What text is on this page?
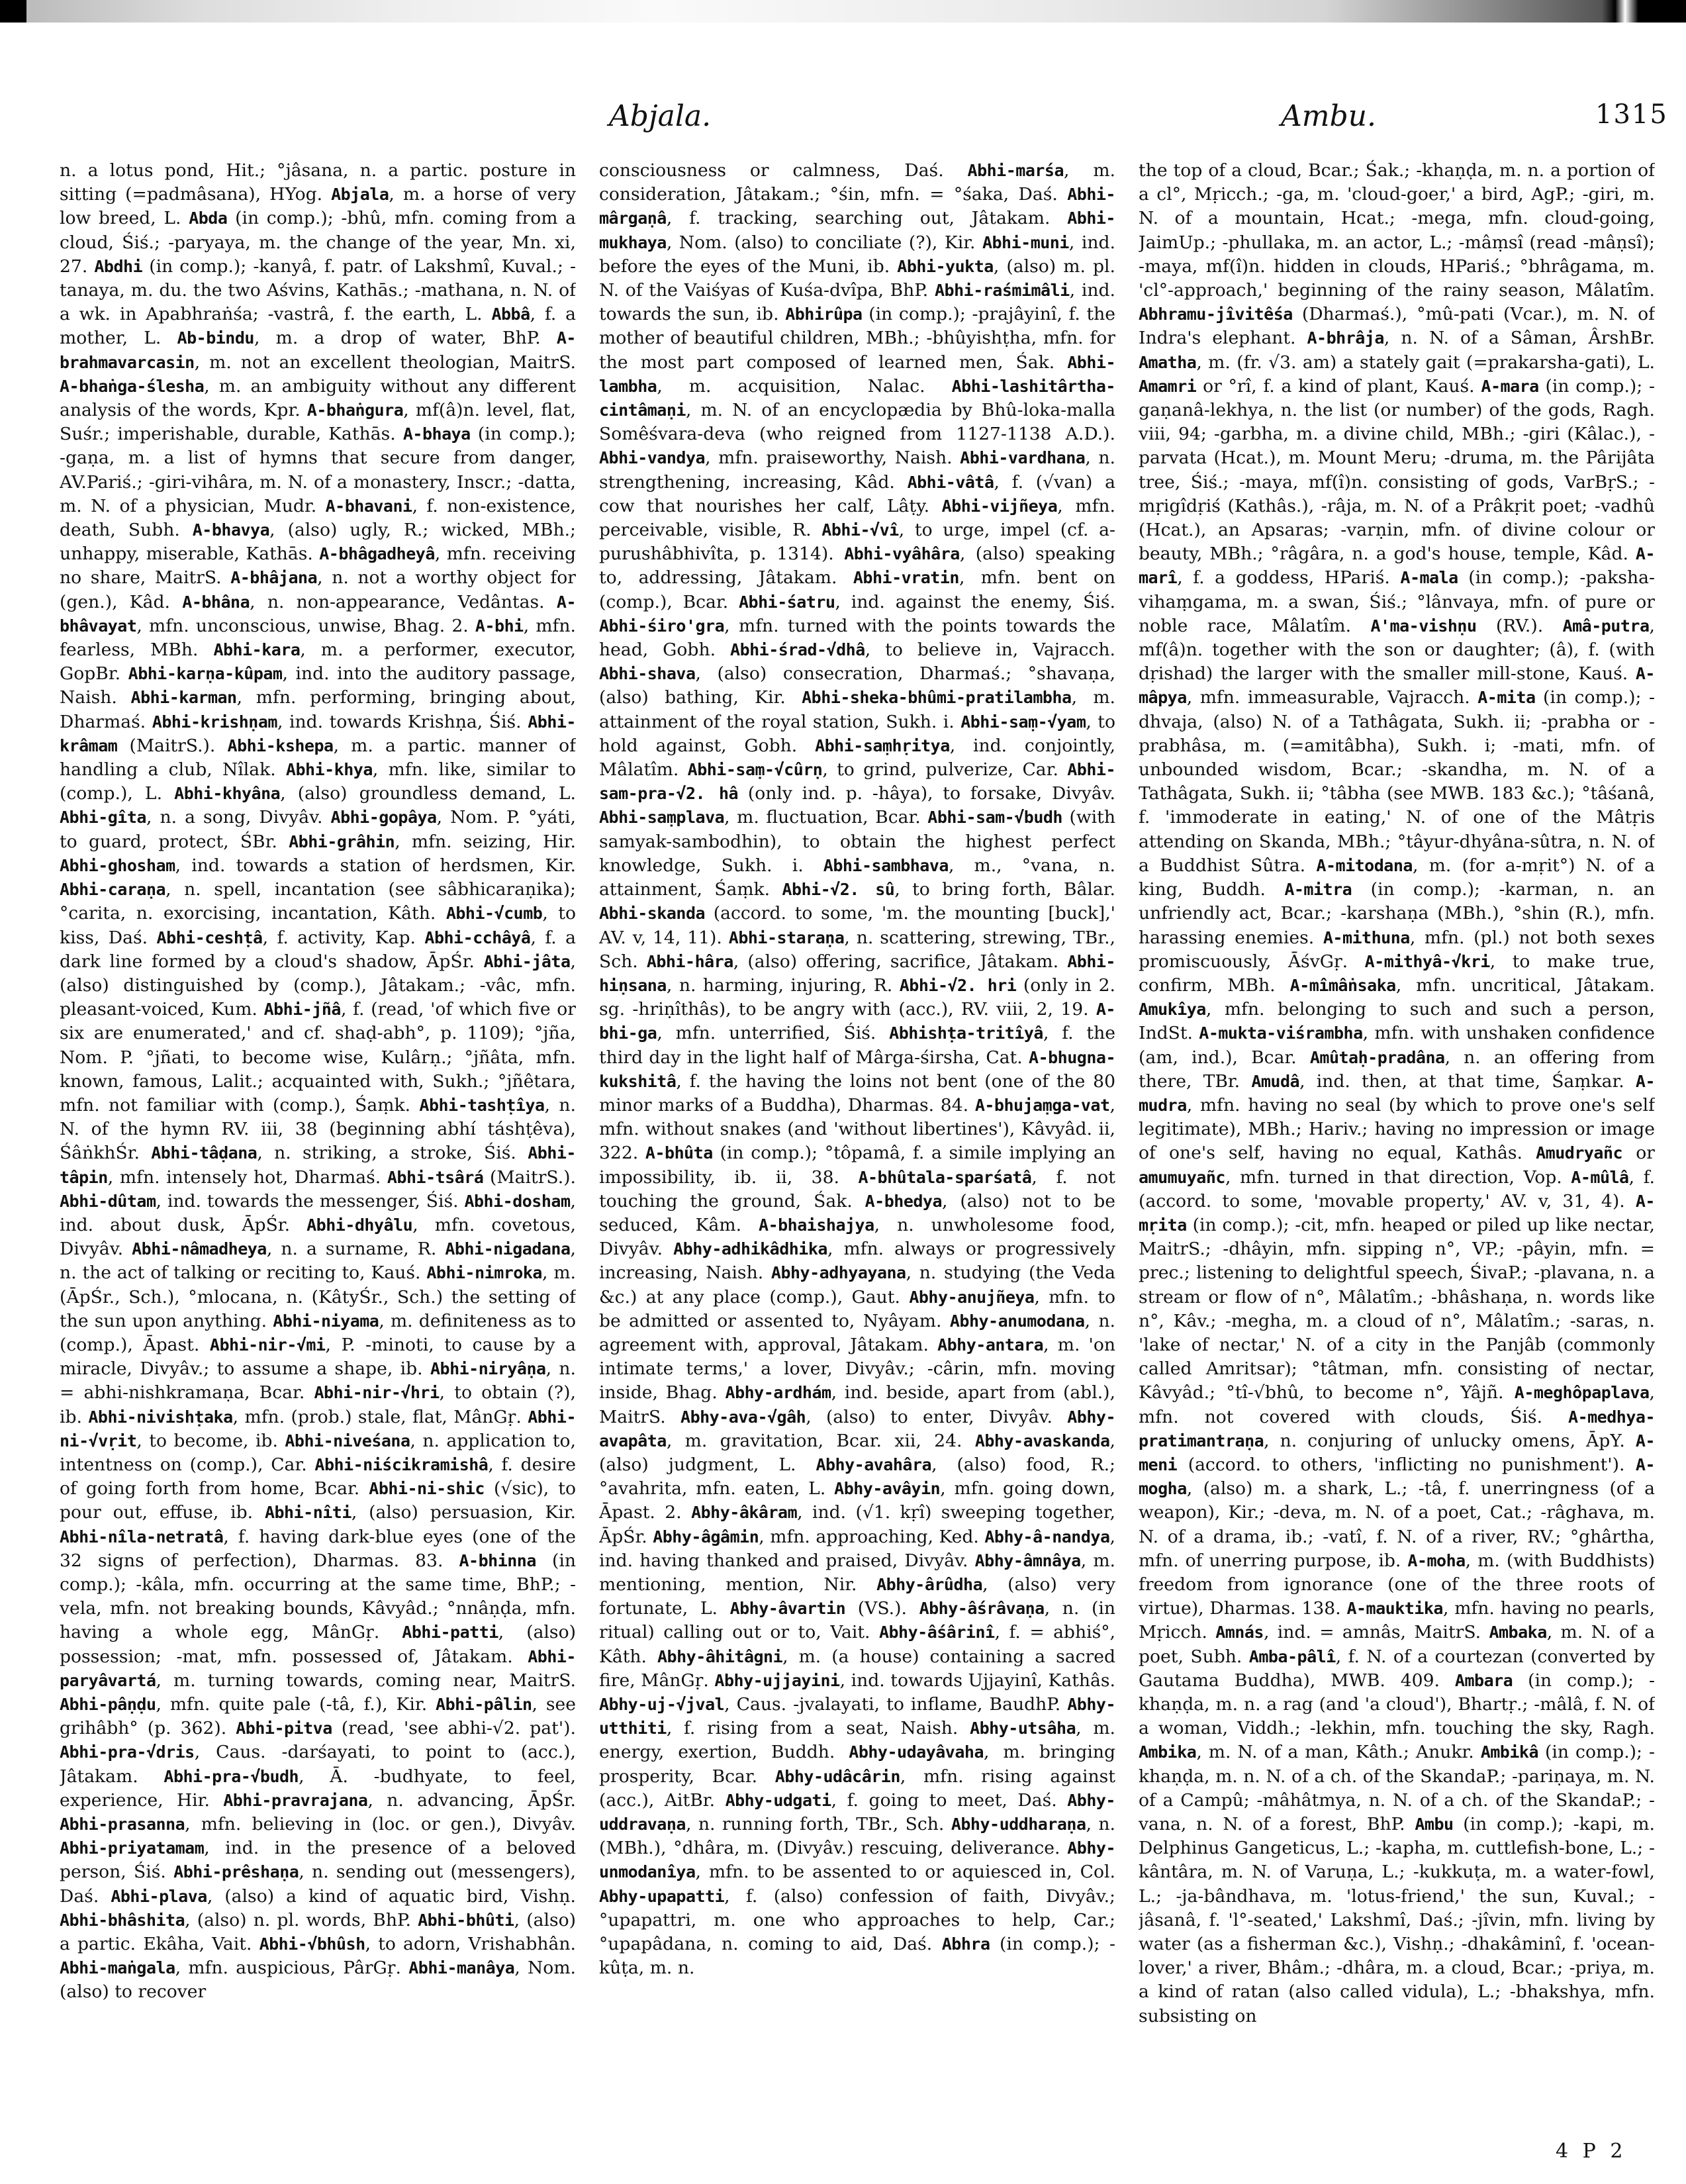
Abjala.	Ambu.	1315
n. a lotus pond, Hit.; °jâsana, n. a partic. posture in sitting (=padmâsana), HYog. Abjala, m. a horse of very low breed, L. Abda (in comp.); -bhû, mfn. coming from a cloud, Śiś.; -paryaya, m. the change of the year, Mn. xi, 27. Abdhi (in comp.); -kanyâ, f. patr. of Lakshmî, Kuval.; -tanaya, m. du. the two Aśvins, Kathās.; -mathana, n. N. of a wk. in Apabhraṅśa; -vastrâ, f. the earth, L. Abbâ, f. a mother, L. Ab-bindu, m. a drop of water, BhP. A-brahmavarcasin, m. not an excellent theologian, MaitrS. A-bhaṅga-ślesha, m. an ambiguity without any different analysis of the words, Kpr. A-bhaṅgura, mf(â)n. level, flat, Suśr.; imperishable, durable, Kathās. A-bhaya (in comp.); -gaṇa, m. a list of hymns that secure from danger, AV.Pariś.; -giri-vihâra, m. N. of a monastery, Inscr.; -datta, m. N. of a physician, Mudr. A-bhavani, f. non-existence, death, Subh. A-bhavya, (also) ugly, R.; wicked, MBh.; unhappy, miserable, Kathās. A-bhâgadheyâ, mfn. receiving no share, MaitrS. A-bhâjana, n. not a worthy object for (gen.), Kâd. A-bhâna, n. non-appearance, Vedântas. A-bhâvayat, mfn. unconscious, unwise, Bhag. 2. A-bhi, mfn. fearless, MBh. Abhi-kara, m. a performer, executor, GopBr. Abhi-karṇa-kûpam, ind. into the auditory passage, Naish. Abhi-karman, mfn. performing, bringing about, Dharmaś. Abhi-krishṇam, ind. towards Krishṇa, Śiś. Abhi-krâmam (MaitrS.). Abhi-kshepa, m. a partic. manner of handling a club, Nîlak. Abhi-khya, mfn. like, similar to (comp.), L. Abhi-khyâna, (also) groundless demand, L. Abhi-gîta, n. a song, Divyâv. Abhi-gopâya, Nom. P. °yáti, to guard, protect, ŚBr. Abhi-grâhin, mfn. seizing, Hir. Abhi-ghosham, ind. towards a station of herdsmen, Kir. Abhi-caraṇa, n. spell, incantation (see sâbhicaraṇika); °carita, n. exorcising, incantation, Kâth. Abhi-√cumb, to kiss, Daś. Abhi-ceshṭâ, f. activity, Kap. Abhi-cchâyâ, f. a dark line formed by a cloud's shadow, ĀpŚr. Abhi-jâta, (also) distinguished by (comp.), Jâtakam.; -vâc, mfn. pleasant-voiced, Kum. Abhi-jñâ, f. (read, 'of which five or six are enumerated,' and cf. shaḍ-abh°, p. 1109); °jña, Nom. P. °jñati, to become wise, Kulârṇ.; °jñâta, mfn. known, famous, Lalit.; acquainted with, Sukh.; °jñêtara, mfn. not familiar with (comp.), Śaṃk. Abhi-tashṭîya, n. N. of the hymn RV. iii, 38 (beginning abhí táshṭêva), ŚâṅkhŚr. Abhi-tâḍana, n. striking, a stroke, Śiś. Abhi-tâpin, mfn. intensely hot, Dharmaś. Abhi-tsârá (MaitrS.). Abhi-dûtam, ind. towards the messenger, Śiś. Abhi-dosham, ind. about dusk, ĀpŚr. Abhi-dhyâlu, mfn. covetous, Divyâv. Abhi-nâmadheya, n. a surname, R. Abhi-nigadana, n. the act of talking or reciting to, Kauś. Abhi-nimroka, m. (ĀpŚr., Sch.), °mlocana, n. (KâtyŚr., Sch.) the setting of the sun upon anything. Abhi-niyama, m. definiteness as to (comp.), Āpast. Abhi-nir-√mi, P. -minoti, to cause by a miracle, Divyâv.; to assume a shape, ib. Abhi-niryâṇa, n. = abhi-nishkramaṇa, Bcar. Abhi-nir-√hri, to obtain (?), ib. Abhi-nivishṭaka, mfn. (prob.) stale, flat, MânGṛ. Abhi-ni-√vṛit, to become, ib. Abhi-niveśana, n. application to, intentness on (comp.), Car. Abhi-niścikramishâ, f. desire of going forth from home, Bcar. Abhi-ni-shic (√sic), to pour out, effuse, ib. Abhi-nîti, (also) persuasion, Kir. Abhi-nîla-netratâ, f. having dark-blue eyes (one of the 32 signs of perfection), Dharmas. 83. A-bhinna (in comp.); -kâla, mfn. occurring at the same time, BhP.; -vela, mfn. not breaking bounds, Kâvyâd.; °nnâṇḍa, mfn. having a whole egg, MânGṛ. Abhi-patti, (also) possession; -mat, mfn. possessed of, Jâtakam. Abhi-paryâvartá, m. turning towards, coming near, MaitrS. Abhi-pâṇḍu, mfn. quite pale (-tâ, f.), Kir. Abhi-pâlin, see grihâbh° (p. 362). Abhi-pitva (read, 'see abhi-√2. pat'). Abhi-pra-√dris, Caus. -darśayati, to point to (acc.), Jâtakam. Abhi-pra-√budh, Ā. -budhyate, to feel, experience, Hir. Abhi-pravrajana, n. advancing, ĀpŚr. Abhi-prasanna, mfn. believing in (loc. or gen.), Divyâv. Abhi-priyatamam, ind. in the presence of a beloved person, Śiś. Abhi-prêshaṇa, n. sending out (messengers), Daś. Abhi-plava, (also) a kind of aquatic bird, Vishṇ. Abhi-bhâshita, (also) n. pl. words, BhP. Abhi-bhûti, (also) a partic. Ekâha, Vait. Abhi-√bhûsh, to adorn, Vrishabhân. Abhi-maṅgala, mfn. auspicious, PârGṛ. Abhi-manâya, Nom. (also) to recover
consciousness or calmness, Daś. Abhi-marśa, m. consideration, Jâtakam.; °śin, mfn. = °śaka, Daś. Abhi-mârgaṇâ, f. tracking, searching out, Jâtakam. Abhi-mukhaya, Nom. (also) to conciliate (?), Kir. Abhi-muni, ind. before the eyes of the Muni, ib. Abhi-yukta, (also) m. pl. N. of the Vaiśyas of Kuśa-dvîpa, BhP. Abhi-raśmimâli, ind. towards the sun, ib. Abhirûpa (in comp.); -prajâyinî, f. the mother of beautiful children, MBh.; -bhûyishṭha, mfn. for the most part composed of learned men, Śak. Abhi-lambha, m. acquisition, Nalac. Abhi-lashitârtha-cintâmaṇi, m. N. of an encyclopædia by Bhû-loka-malla Somêśvara-deva (who reigned from 1127-1138 A.D.). Abhi-vandya, mfn. praiseworthy, Naish. Abhi-vardhana, n. strengthening, increasing, Kâd. Abhi-vâtâ, f. (√van) a cow that nourishes her calf, Lâṭy. Abhi-vijñeya, mfn. perceivable, visible, R. Abhi-√vî, to urge, impel (cf. a-purushâbhivîta, p. 1314). Abhi-vyâhâra, (also) speaking to, addressing, Jâtakam. Abhi-vratin, mfn. bent on (comp.), Bcar. Abhi-śatru, ind. against the enemy, Śiś. Abhi-śiro'gra, mfn. turned with the points towards the head, Gobh. Abhi-śrad-√dhâ, to believe in, Vajracch. Abhi-shava, (also) consecration, Dharmaś.; °shavaṇa, (also) bathing, Kir. Abhi-sheka-bhûmi-pratilambha, m. attainment of the royal station, Sukh. i. Abhi-saṃ-√yam, to hold against, Gobh. Abhi-saṃhṛitya, ind. conjointly, Mâlatîm. Abhi-saṃ-√cûrṇ, to grind, pulverize, Car. Abhi-sam-pra-√2. hâ (only ind. p. -hâya), to forsake, Divyâv. Abhi-saṃplava, m. fluctuation, Bcar. Abhi-sam-√budh (with samyak-sambodhin), to obtain the highest perfect knowledge, Sukh. i. Abhi-sambhava, m., °vana, n. attainment, Śaṃk. Abhi-√2. sû, to bring forth, Bâlar. Abhi-skanda (accord. to some, 'm. the mounting [buck],' AV. v, 14, 11). Abhi-staraṇa, n. scattering, strewing, TBr., Sch. Abhi-hâra, (also) offering, sacrifice, Jâtakam. Abhi-hiṇsana, n. harming, injuring, R. Abhi-√2. hri (only in 2. sg. -hriṇîthâs), to be angry with (acc.), RV. viii, 2, 19. A-bhi-ga, mfn. unterrified, Śiś. Abhishṭa-tritîyâ, f. the third day in the light half of Mârga-śirsha, Cat. A-bhugna-kukshitâ, f. the having the loins not bent (one of the 80 minor marks of a Buddha), Dharmas. 84. A-bhujaṃga-vat, mfn. without snakes (and 'without libertines'), Kâvyâd. ii, 322. A-bhûta (in comp.); °tôpamâ, f. a simile implying an impossibility, ib. ii, 38. A-bhûtala-sparśatâ, f. not touching the ground, Śak. A-bhedya, (also) not to be seduced, Kâm. A-bhaishajya, n. unwholesome food, Divyâv. Abhy-adhikâdhika, mfn. always or progressively increasing, Naish. Abhy-adhyayana, n. studying (the Veda &c.) at any place (comp.), Gaut. Abhy-anujñeya, mfn. to be admitted or assented to, Nyâyam. Abhy-anumodana, n. agreement with, approval, Jâtakam. Abhy-antara, m. 'on intimate terms,' a lover, Divyâv.; -cârin, mfn. moving inside, Bhag. Abhy-ardhám, ind. beside, apart from (abl.), MaitrS. Abhy-ava-√gâh, (also) to enter, Divyâv. Abhy-avapâta, m. gravitation, Bcar. xii, 24. Abhy-avaskanda, (also) judgment, L. Abhy-avahâra, (also) food, R.; °avahrita, mfn. eaten, L. Abhy-avâyin, mfn. going down, Āpast. 2. Abhy-âkâram, ind. (√1. kṛî) sweeping together, ĀpŚr. Abhy-âgâmin, mfn. approaching, Ked. Abhy-â-nandya, ind. having thanked and praised, Divyâv. Abhy-âmnâya, m. mentioning, mention, Nir. Abhy-ârûdha, (also) very fortunate, L. Abhy-âvartin (VS.). Abhy-âśrâvaṇa, n. (in ritual) calling out or to, Vait. Abhy-âśârinî, f. = abhiś°, Kâth. Abhy-âhitâgni, m. (a house) containing a sacred fire, MânGṛ. Abhy-ujjayini, ind. towards Ujjayinî, Kathâs. Abhy-uj-√jval, Caus. -jvalayati, to inflame, BaudhP. Abhy-utthiti, f. rising from a seat, Naish. Abhy-utsâha, m. energy, exertion, Buddh. Abhy-udayâvaha, m. bringing prosperity, Bcar. Abhy-udâcârin, mfn. rising against (acc.), AitBr. Abhy-udgati, f. going to meet, Daś. Abhy-uddravaṇa, n. running forth, TBr., Sch. Abhy-uddharaṇa, n. (MBh.), °dhâra, m. (Divyâv.) rescuing, deliverance. Abhy-unmodanîya, mfn. to be assented to or aquiesced in, Col. Abhy-upapatti, f. (also) confession of faith, Divyâv.; °upapattri, m. one who approaches to help, Car.; °upapâdana, n. coming to aid, Daś. Abhra (in comp.); -kûṭa, m. n.
the top of a cloud, Bcar.; Śak.; -khaṇḍa, m. n. a portion of a cl°, Mṛicch.; -ga, m. 'cloud-goer,' a bird, AgP.; -giri, m. N. of a mountain, Hcat.; -mega, mfn. cloud-going, JaimUp.; -phullaka, m. an actor, L.; -mâṃsî (read -mâṇsî); -maya, mf(î)n. hidden in clouds, HPariś.; °bhrâgama, m. 'cl°-approach,' beginning of the rainy season, Mâlatîm. Abhramu-jîvitêśa (Dharmaś.), °mû-pati (Vcar.), m. N. of Indra's elephant. A-bhrâja, n. N. of a Sâman, ÂrshBr. Amatha, m. (fr. √3. am) a stately gait (=prakarsha-gati), L. Amamri or °rî, f. a kind of plant, Kauś. A-mara (in comp.); -gaṇanâ-lekhya, n. the list (or number) of the gods, Ragh. viii, 94; -garbha, m. a divine child, MBh.; -giri (Kâlac.), -parvata (Hcat.), m. Mount Meru; -druma, m. the Pârijâta tree, Śiś.; -maya, mf(î)n. consisting of gods, VarBṛS.; -mṛigîdṛiś (Kathâs.), -râja, m. N. of a Prâkṛit poet; -vadhû (Hcat.), an Apsaras; -varṇin, mfn. of divine colour or beauty, MBh.; °râgâra, n. a god's house, temple, Kâd. A-marî, f. a goddess, HPariś. A-mala (in comp.); -paksha-vihaṃgama, m. a swan, Śiś.; °lânvaya, mfn. of pure or noble race, Mâlatîm. A'ma-vishṇu (RV.). Amâ-putra, mf(â)n. together with the son or daughter; (â), f. (with dṛishad) the larger with the smaller mill-stone, Kauś. A-mâpya, mfn. immeasurable, Vajracch. A-mita (in comp.); -dhvaja, (also) N. of a Tathâgata, Sukh. ii; -prabha or -prabhâsa, m. (=amitâbha), Sukh. i; -mati, mfn. of unbounded wisdom, Bcar.; -skandha, m. N. of a Tathâgata, Sukh. ii; °tâbha (see MWB. 183 &c.); °tâśanâ, f. 'immoderate in eating,' N. of one of the Mâtṛis attending on Skanda, MBh.; °tâyur-dhyâna-sûtra, n. N. of a Buddhist Sûtra. A-mitodana, m. (for a-mṛit°) N. of a king, Buddh. A-mitra (in comp.); -karman, n. an unfriendly act, Bcar.; -karshaṇa (MBh.), °shin (R.), mfn. harassing enemies. A-mithuna, mfn. (pl.) not both sexes promiscuously, ĀśvGṛ. A-mithyâ-√kri, to make true, confirm, MBh. A-mîmâṅsaka, mfn. uncritical, Jâtakam. Amukîya, mfn. belonging to such and such a person, IndSt. A-mukta-viśrambha, mfn. with unshaken confidence (am, ind.), Bcar. Amûtaḥ-pradâna, n. an offering from there, TBr. Amudâ, ind. then, at that time, Śaṃkar. A-mudra, mfn. having no seal (by which to prove one's self legitimate), MBh.; Hariv.; having no impression or image of one's self, having no equal, Kathâs. Amudryañc or amumuyañc, mfn. turned in that direction, Vop. A-mûlâ, f. (accord. to some, 'movable property,' AV. v, 31, 4). A-mṛita (in comp.); -cit, mfn. heaped or piled up like nectar, MaitrS.; -dhâyin, mfn. sipping n°, VP.; -pâyin, mfn. = prec.; listening to delightful speech, ŚivaP.; -plavana, n. a stream or flow of n°, Mâlatîm.; -bhâshaṇa, n. words like n°, Kâv.; -megha, m. a cloud of n°, Mâlatîm.; -saras, n. 'lake of nectar,' N. of a city in the Panjâb (commonly called Amritsar); °tâtman, mfn. consisting of nectar, Kâvyâd.; °tî-√bhû, to become n°, Yâjñ. A-meghôpaplava, mfn. not covered with clouds, Śiś. A-medhya-pratimantraṇa, n. conjuring of unlucky omens, ĀpY. A-meni (accord. to others, 'inflicting no punishment'). A-mogha, (also) m. a shark, L.; -tâ, f. unerringness (of a weapon), Kir.; -deva, m. N. of a poet, Cat.; -râghava, m. N. of a drama, ib.; -vatî, f. N. of a river, RV.; °ghârtha, mfn. of unerring purpose, ib. A-moha, m. (with Buddhists) freedom from ignorance (one of the three roots of virtue), Dharmas. 138. A-mauktika, mfn. having no pearls, Mṛicch. Amnás, ind. = amnâs, MaitrS. Ambaka, m. N. of a poet, Subh. Amba-pâlî, f. N. of a courtezan (converted by Gautama Buddha), MWB. 409. Ambara (in comp.); -khaṇḍa, m. n. a rag (and 'a cloud'), Bhartṛ.; -mâlâ, f. N. of a woman, Viddh.; -lekhin, mfn. touching the sky, Ragh. Ambika, m. N. of a man, Kâth.; Anukr. Ambikâ (in comp.); -khaṇḍa, m. n. N. of a ch. of the SkandaP.; -pariṇaya, m. N. of a Campû; -mâhâtmya, n. N. of a ch. of the SkandaP.; -vana, n. N. of a forest, BhP. Ambu (in comp.); -kapi, m. Delphinus Gangeticus, L.; -kapha, m. cuttlefish-bone, L.; -kântâra, m. N. of Varuṇa, L.; -kukkuṭa, m. a water-fowl, L.; -ja-bândhava, m. 'lotus-friend,' the sun, Kuval.; -jâsanâ, f. 'l°-seated,' Lakshmî, Daś.; -jîvin, mfn. living by water (as a fisherman &c.), Vishṇ.; -dhakâminî, f. 'ocean-lover,' a river, Bhâm.; -dhâra, m. a cloud, Bcar.; -priya, m. a kind of ratan (also called vidula), L.; -bhakshya, mfn. subsisting on
4 P 2
